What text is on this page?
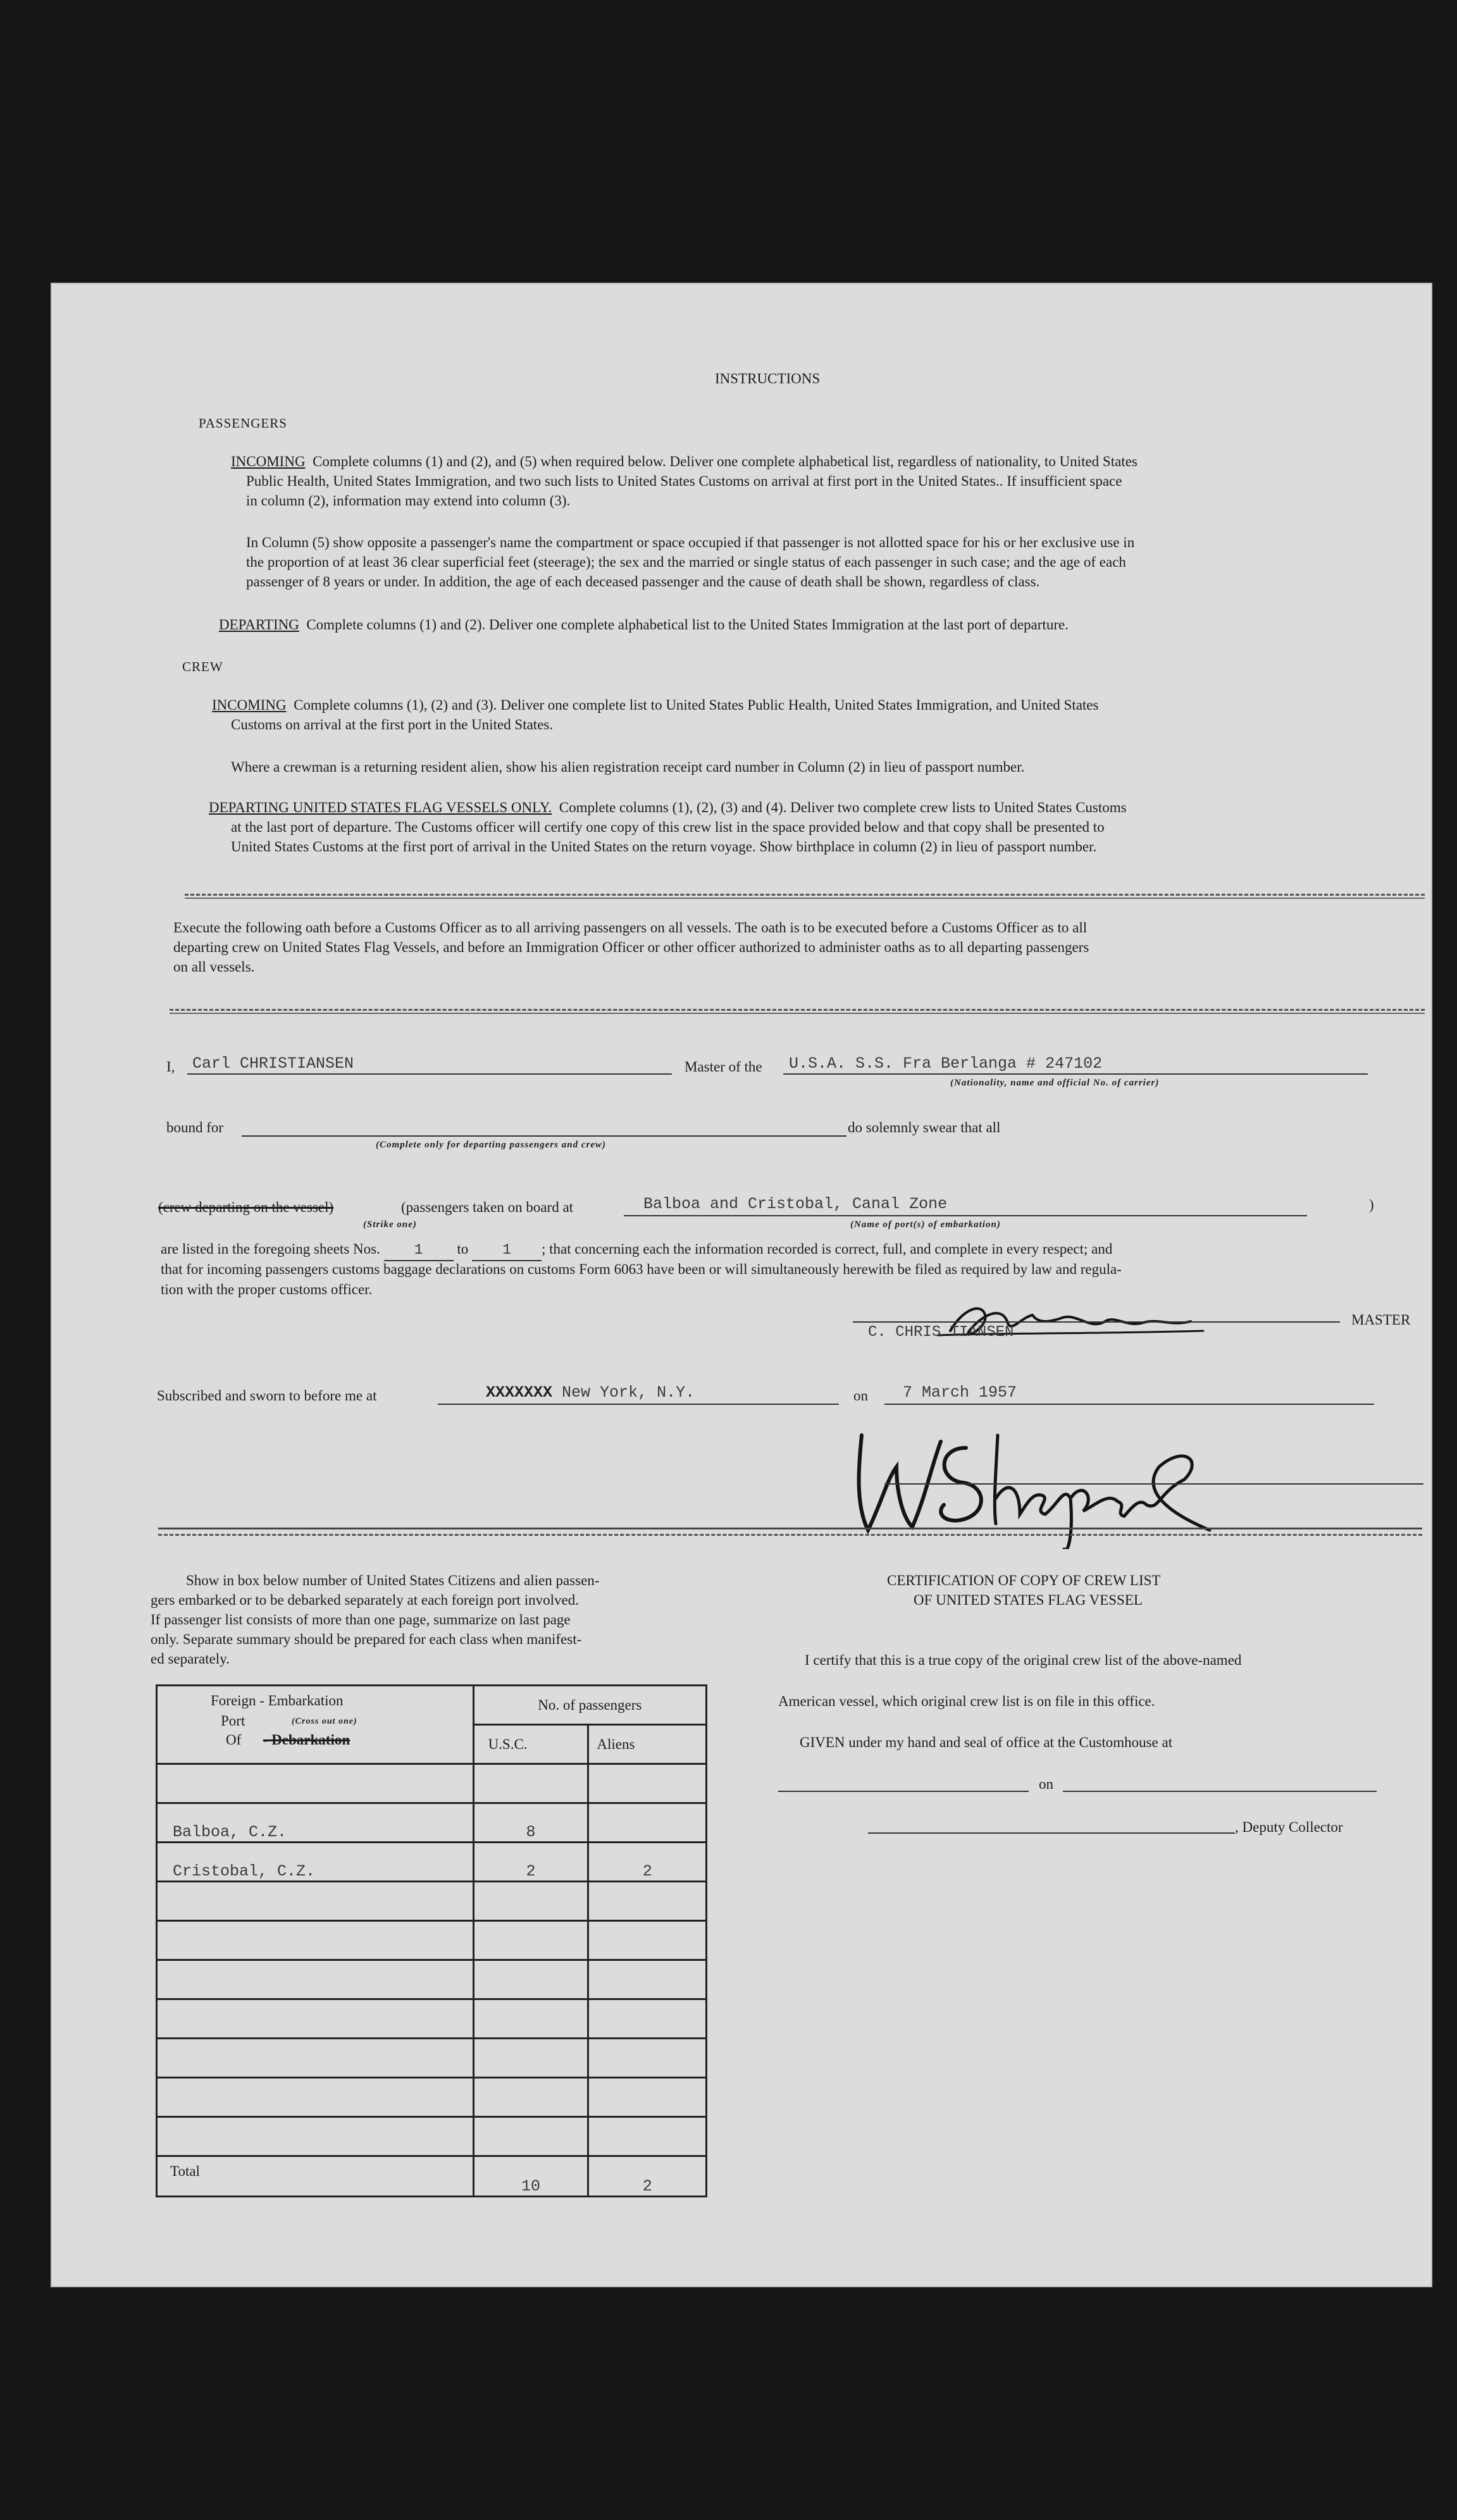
INSTRUCTIONS
PASSENGERS
INCOMING Complete columns (1) and (2), and (5) when required below. Deliver one complete alphabetical list, regardless of nationality, to United States
Public Health, United States Immigration, and two such lists to United States Customs on arrival at first port in the United States.. If insufficient space
in column (2), information may extend into column (3).
In Column (5) show opposite a passenger's name the compartment or space occupied if that passenger is not allotted space for his or her exclusive use in
the proportion of at least 36 clear superficial feet (steerage); the sex and the married or single status of each passenger in such case; and the age of each
passenger of 8 years or under. In addition, the age of each deceased passenger and the cause of death shall be shown, regardless of class.
DEPARTING Complete columns (1) and (2). Deliver one complete alphabetical list to the United States Immigration at the last port of departure.
CREW
INCOMING Complete columns (1), (2) and (3). Deliver one complete list to United States Public Health, United States Immigration, and United States
Customs on arrival at the first port in the United States.
Where a crewman is a returning resident alien, show his alien registration receipt card number in Column (2) in lieu of passport number.
DEPARTING UNITED STATES FLAG VESSELS ONLY. Complete columns (1), (2), (3) and (4). Deliver two complete crew lists to United States Customs
at the last port of departure. The Customs officer will certify one copy of this crew list in the space provided below and that copy shall be presented to
United States Customs at the first port of arrival in the United States on the return voyage. Show birthplace in column (2) in lieu of passport number.
Execute the following oath before a Customs Officer as to all arriving passengers on all vessels. The oath is to be executed before a Customs Officer as to all
departing crew on United States Flag Vessels, and before an Immigration Officer or other officer authorized to administer oaths as to all departing passengers
on all vessels.
I, Carl CHRISTIANSEN	Master of the U.S.A. S.S. Fra Berlanga # 247102
(Nationality, name and official No. of carrier)
bound for
(Complete only for departing passengers and crew)
do solemnly swear that all
(crew departing on the vessel)
(Strike one)
(passengers taken on board at	Balboa and Cristobal, Canal Zone
(Name of port(s) of embarkation)
)
are listed in the foregoing sheets Nos. 1 to 1 ; that concerning each the information recorded is correct, full, and complete in every respect; and
that for incoming passengers customs baggage declarations on customs Form 6063 have been or will simultaneously herewith be filed as required by law and regula-
tion with the proper customs officer.
C. CHRIS TIANSEN
MASTER
Subscribed and sworn to before me at	XXXXXXX New York, N.Y.	on 7 March 1957
Show in box below number of United States Citizens and alien passen-
gers embarked or to be debarked separately at each foreign port involved.
If passenger list consists of more than one page, summarize on last page
only. Separate summary should be prepared for each class when manifest-
ed separately.
Foreign - Embarkation
Port (Cross out one)
Of - Debarkation	No. of passengers	
	U.S.C.	Aliens

Balboa, C.Z.	8	
Cristobal, C.Z.	2	2

Total	10	2
CERTIFICATION OF COPY OF CREW LIST
OF UNITED STATES FLAG VESSEL
I certify that this is a true copy of the original crew list of the above-named
American vessel, which original crew list is on file in this office.
GIVEN under my hand and seal of office at the Customhouse at
on
, Deputy Collector
